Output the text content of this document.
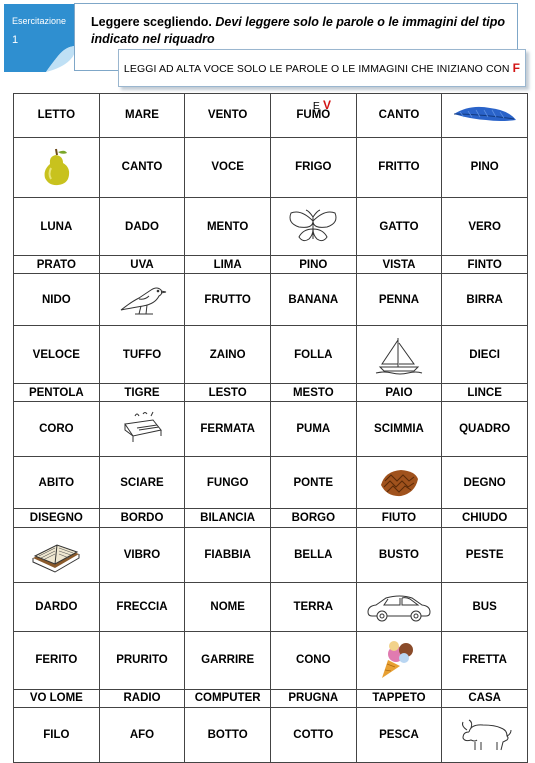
Esercitazione
1
Leggere scegliendo. Devi leggere solo le parole o le immagini del tipo indicato nel riquadro
LEGGI AD ALTA VOCE SOLO LE PAROLE O LE IMMAGINI CHE INIZIANO CON F E V
LETTO	MARE	VENTO	FUMO	CANTO	

	CANTO	VOCE	FRIGO	FRITTO	PINO
LUNA	DADO	MENTO		GATTO	VERO
PRATO	UVA	LIMA	PINO	VISTA	FINTO
NIDO		FRUTTO	BANANA	PENNA	BIRRA
VELOCE	TUFFO	ZAINO	FOLLA		DIECI
PENTOLA	TIGRE	LESTO	MESTO	PAIO	LINCE
CORO		FERMATA	PUMA	SCIMMIA	QUADRO
ABITO	SCIARE	FUNGO	PONTE		DEGNO
DISEGNO	BORDO	BILANCIA	BORGO	FIUTO	CHIUDO

	VIBRO	FIABBIA	BELLA	BUSTO	PESTE
DARDO	FRECCIA	NOME	TERRA		BUS
FERITO	PRURITO	GARRIRE	CONO		FRETTA
VO LOME	RADIO	COMPUTER	PRUGNA	TAPPETO	CASA
FILO	AFO	BOTTO	COTTO	PESCA	
